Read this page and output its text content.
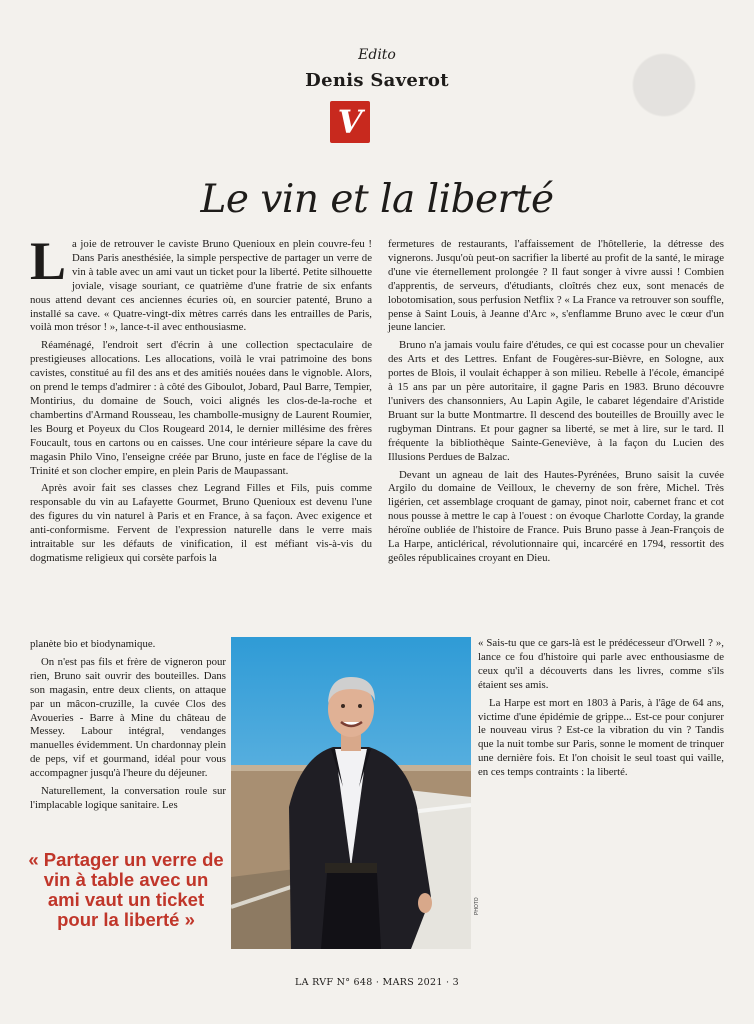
Edito
Denis Saverot
V
Le vin et la liberté

La joie de retrouver le caviste Bruno Quenioux en plein couvre-feu ! Dans Paris anesthésiée, la simple perspective de partager un verre de vin à table avec un ami vaut un ticket pour la liberté. Petite silhouette joviale, visage souriant, ce quatrième d'une fratrie de six enfants nous attend devant ces anciennes écuries où, en sourcier patenté, Bruno a installé sa cave. « Quatre-vingt-dix mètres carrés dans les entrailles de Paris, voilà mon trésor ! », lance-t-il avec enthousiasme.

Réaménagé, l'endroit sert d'écrin à une collection spectaculaire de prestigieuses allocations. Les allocations, voilà le vrai patrimoine des bons cavistes, constitué au fil des ans et des amitiés nouées dans le vignoble. Alors, on prend le temps d'admirer : à côté des Giboulot, Jobard, Paul Barre, Tempier, Montirius, du domaine de Souch, voici alignés les clos-de-la-roche et chambertins d'Armand Rousseau, les chambolle-musigny de Laurent Roumier, les Bourg et Poyeux du Clos Rougeard 2014, le dernier millésime des frères Foucault, tous en cartons ou en caisses. Une cour intérieure sépare la cave du magasin Philo Vino, l'enseigne créée par Bruno, juste en face de l'église de la Trinité et son clocher empire, en plein Paris de Maupassant.

Après avoir fait ses classes chez Legrand Filles et Fils, puis comme responsable du vin au Lafayette Gourmet, Bruno Quenioux est devenu l'une des figures du vin naturel à Paris et en France, à sa façon. Avec exigence et anti-conformisme. Fervent de l'expression naturelle dans le verre mais intraitable sur les défauts de vinification, il est méfiant vis-à-vis du dogmatisme religieux qui corsète parfois la

planète bio et biodynamique.

On n'est pas fils et frère de vigneron pour rien, Bruno sait ouvrir des bouteilles. Dans son magasin, entre deux clients, on attaque par un mâcon-cruzille, la cuvée Clos des Avoueries - Barre à Mine du château de Messey. Labour intégral, vendanges manuelles évidemment. Un chardonnay plein de peps, vif et gourmand, idéal pour vous accompagner jusqu'à l'heure du déjeuner.

Naturellement, la conversation roule sur l'implacable logique sanitaire. Les

« Partager un verre de vin à table avec un ami vaut un ticket pour la liberté »

fermetures de restaurants, l'affaissement de l'hôtellerie, la détresse des vignerons. Jusqu'où peut-on sacrifier la liberté au profit de la santé, le mirage d'une vie éternellement prolongée ? Il faut songer à vivre aussi ! Combien d'apprentis, de serveurs, d'étudiants, cloîtrés chez eux, sont menacés de lobotomisation, sous perfusion Netflix ? « La France va retrouver son souffle, pense à Saint Louis, à Jeanne d'Arc », s'enflamme Bruno avec le cœur d'un jeune lancier.

Bruno n'a jamais voulu faire d'études, ce qui est cocasse pour un chevalier des Arts et des Lettres. Enfant de Fougères-sur-Bièvre, en Sologne, aux portes de Blois, il voulait échapper à son milieu. Rebelle à l'école, émancipé à 15 ans par un père autoritaire, il gagne Paris en 1983. Bruno découvre l'univers des chansonniers, Au Lapin Agile, le cabaret légendaire d'Aristide Bruant sur la butte Montmartre. Il descend des bouteilles de Brouilly avec le rugbyman Dintrans. Et pour gagner sa liberté, se met à lire, sur le tard. Il fréquente la bibliothèque Sainte-Geneviève, à la façon du Lucien des Illusions Perdues de Balzac.

Devant un agneau de lait des Hautes-Pyrénées, Bruno saisit la cuvée Argilo du domaine de Veilloux, le cheverny de son frère, Michel. Très ligérien, cet assemblage croquant de gamay, pinot noir, cabernet franc et cot nous pousse à mettre le cap à l'ouest : on évoque Charlotte Corday, la grande héroïne oubliée de l'histoire de France. Puis Bruno passe à Jean-François de La Harpe, anticlérical, révolutionnaire qui, incarcéré en 1794, ressortit des geôles républicaines croyant en Dieu.

« Sais-tu que ce gars-là est le prédécesseur d'Orwell ? », lance ce fou d'histoire qui parle avec enthousiasme de ceux qu'il a découverts dans les livres, comme s'ils étaient ses amis.

La Harpe est mort en 1803 à Paris, à l'âge de 64 ans, victime d'une épidémie de grippe... Est-ce pour conjurer le nouveau virus ? Est-ce la vibration du vin ? Tandis que la nuit tombe sur Paris, sonne le moment de trinquer une dernière fois. Et l'on choisit le seul toast qui vaille, en ces temps contraints : la liberté.

PHOTO
LA RVF N° 648 · MARS 2021 · 3
